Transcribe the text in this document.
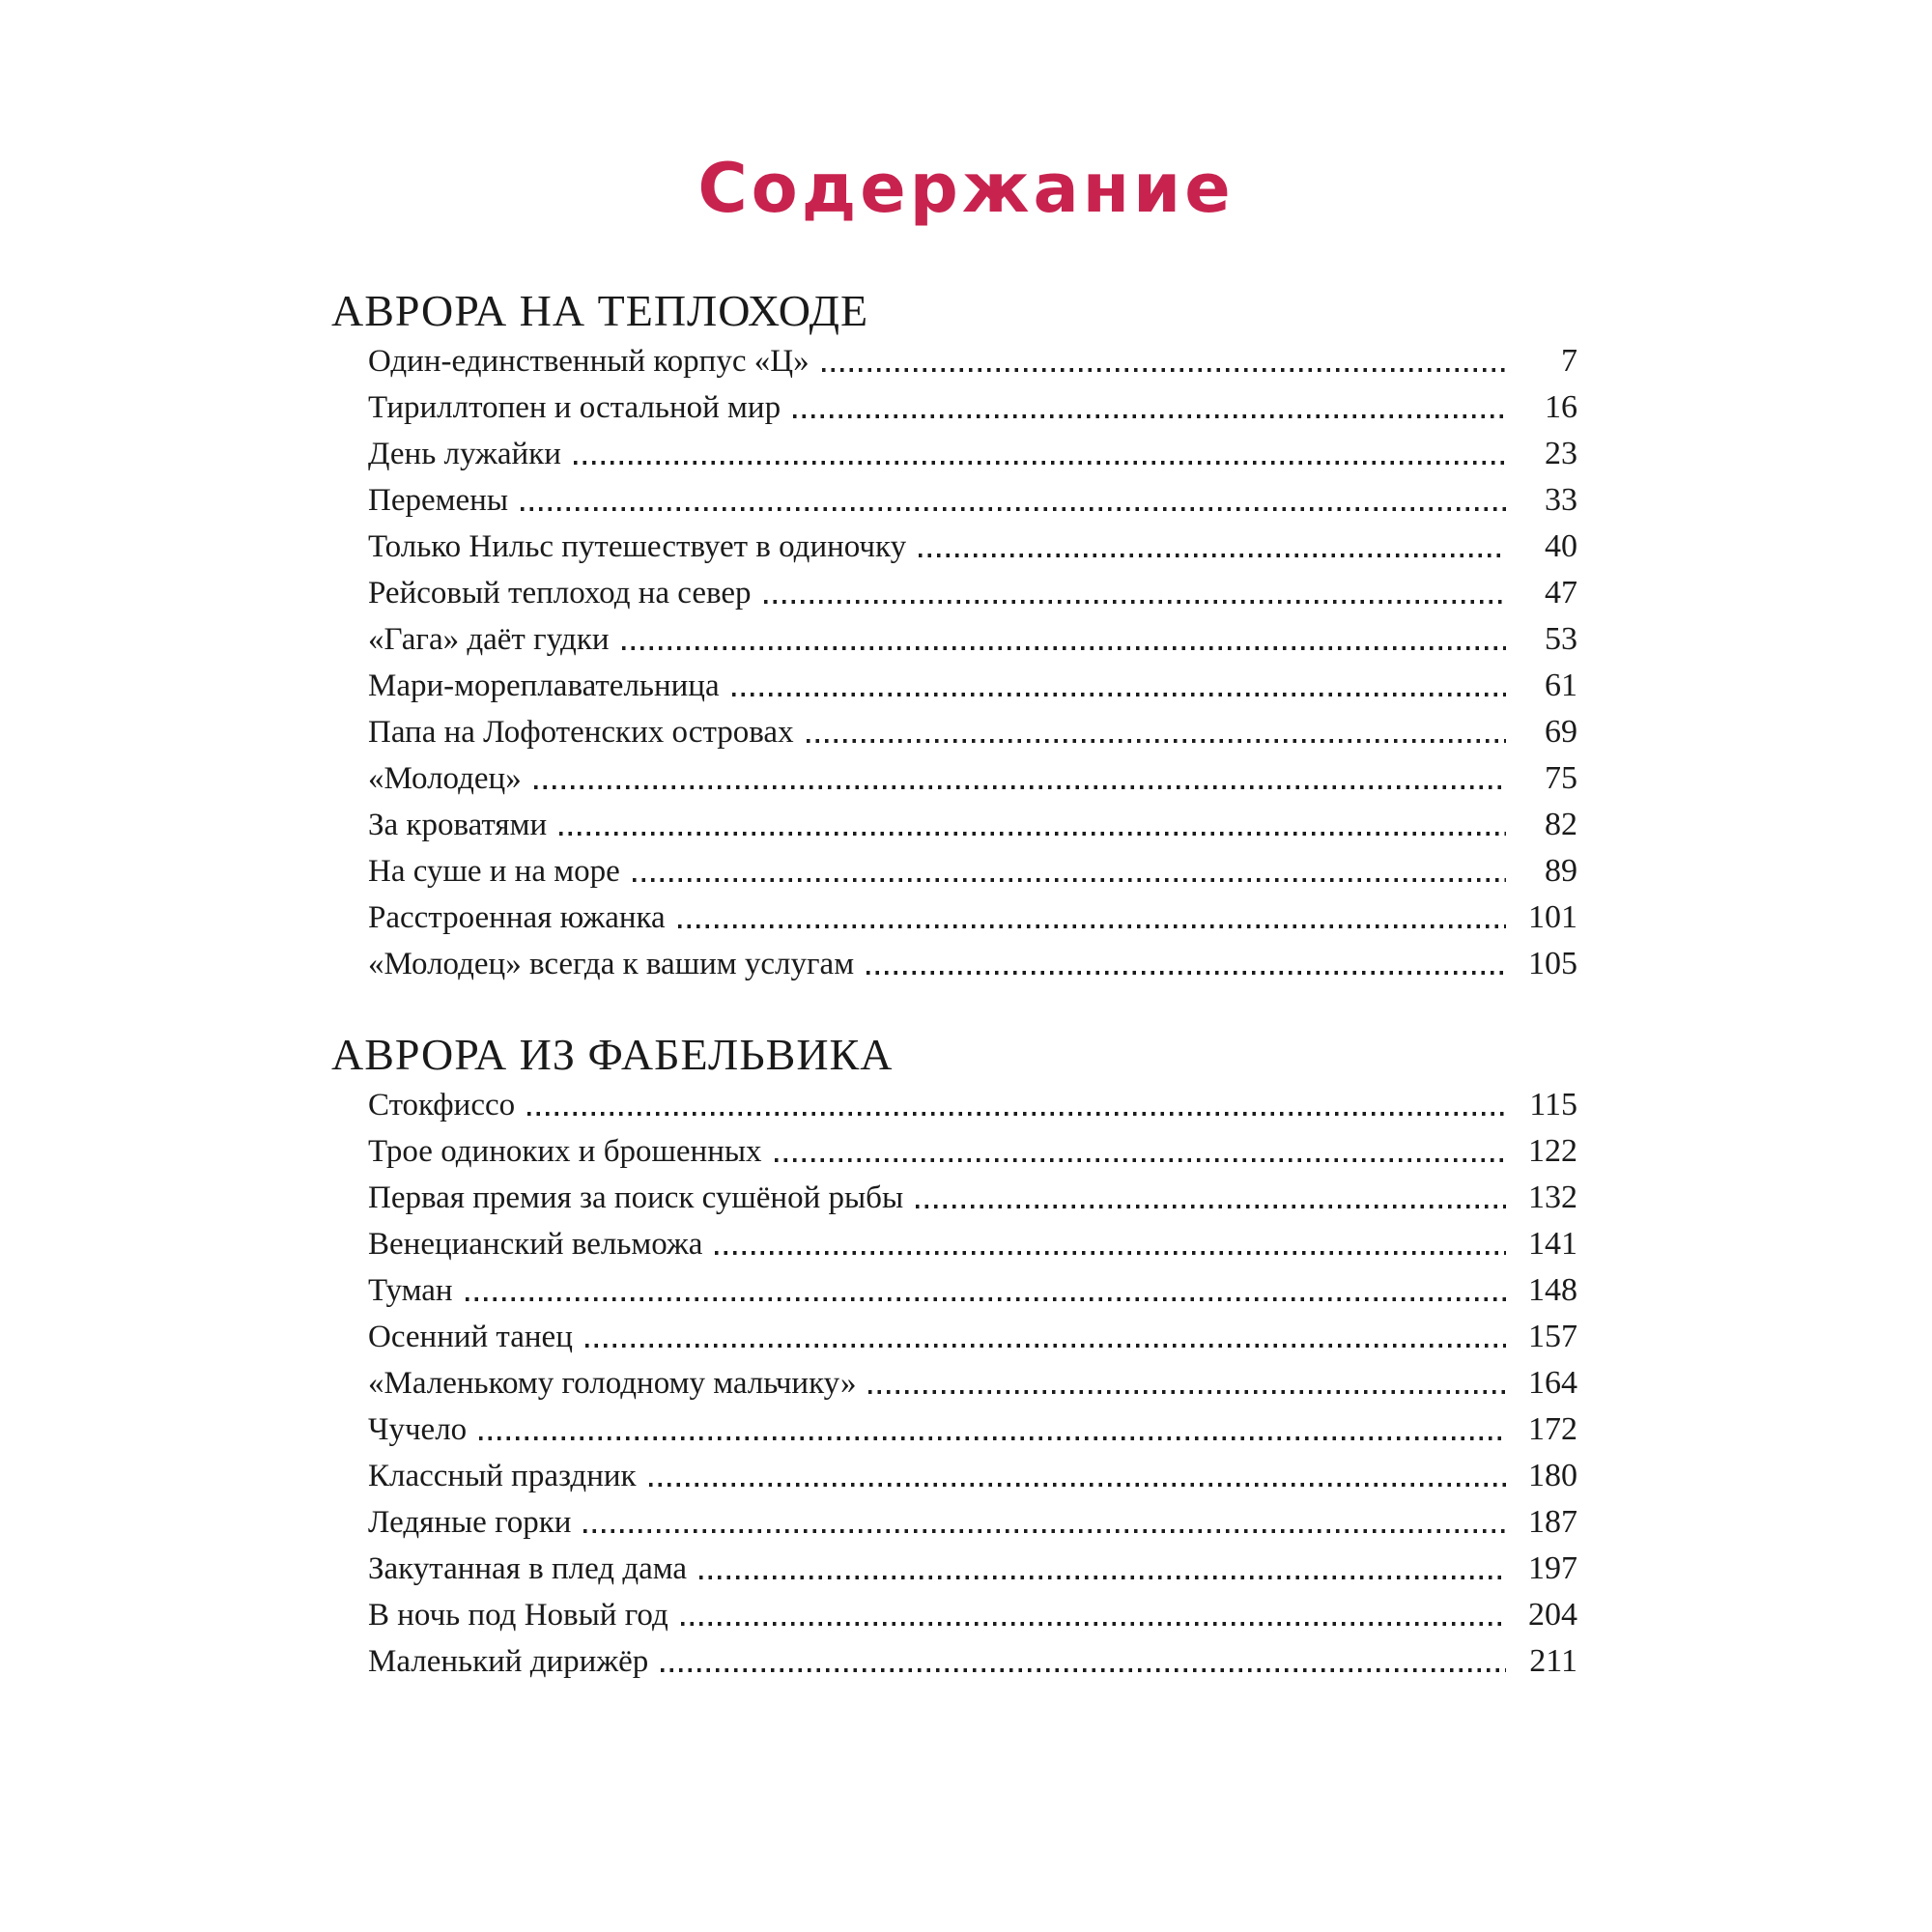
Содержание
АВРОРА НА ТЕПЛОХОДЕ
Один-единственный корпус «Ц»	7
Тириллтопен и остальной мир	16
День лужайки	23
Перемены	33
Только Нильс путешествует в одиночку	40
Рейсовый теплоход на север	47
«Гага» даёт гудки	53
Мари-мореплавательница	61
Папа на Лофотенских островах	69
«Молодец»	75
За кроватями	82
На суше и на море	89
Расстроенная южанка	101
«Молодец» всегда к вашим услугам	105
АВРОРА ИЗ ФАБЕЛЬВИКА
Стокфиссо	115
Трое одиноких и брошенных	122
Первая премия за поиск сушёной рыбы	132
Венецианский вельможа	141
Туман	148
Осенний танец	157
«Маленькому голодному мальчику»	164
Чучело	172
Классный праздник	180
Ледяные горки	187
Закутанная в плед дама	197
В ночь под Новый год	204
Маленький дирижёр	211
